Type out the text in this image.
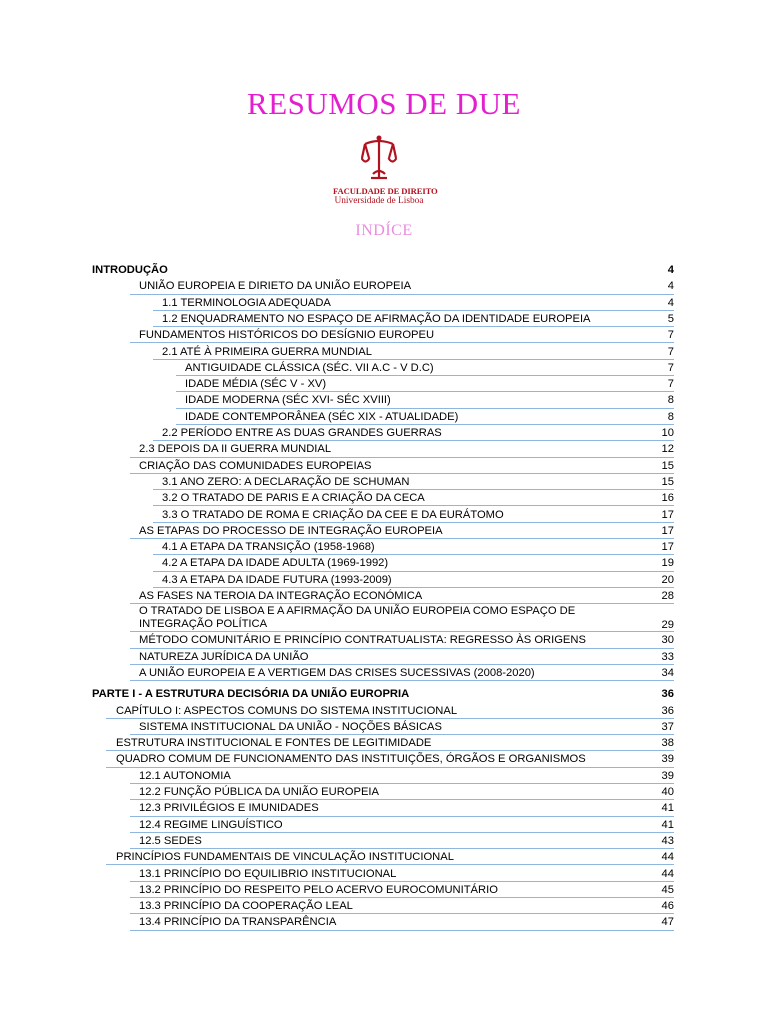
RESUMOS DE DUE
FACULDADE DE DIREITO
Universidade de Lisboa
INDÍCE
INTRODUÇÃO	4
UNIÃO EUROPEIA E DIRIETO DA UNIÃO EUROPEIA	4
1.1 TERMINOLOGIA ADEQUADA	4
1.2 ENQUADRAMENTO NO ESPAÇO DE AFIRMAÇÃO DA IDENTIDADE EUROPEIA	5
FUNDAMENTOS HISTÓRICOS DO DESÍGNIO EUROPEU	7
2.1 ATÉ À PRIMEIRA GUERRA MUNDIAL	7
ANTIGUIDADE CLÁSSICA (SÉC. VII A.C - V D.C)	7
IDADE MÉDIA (SÉC V - XV)	7
IDADE MODERNA (SÉC XVI- SÉC XVIII)	8
IDADE CONTEMPORÂNEA (SÉC XIX - ATUALIDADE)	8
2.2 PERÍODO ENTRE AS DUAS GRANDES GUERRAS	10
2.3 DEPOIS DA II GUERRA MUNDIAL	12
CRIAÇÃO DAS COMUNIDADES EUROPEIAS	15
3.1 ANO ZERO: A DECLARAÇÃO DE SCHUMAN	15
3.2 O TRATADO DE PARIS E A CRIAÇÃO DA CECA	16
3.3 O TRATADO DE ROMA E CRIAÇÃO DA CEE E DA EURÁTOMO	17
AS ETAPAS DO PROCESSO DE INTEGRAÇÃO EUROPEIA	17
4.1 A ETAPA DA TRANSIÇÃO (1958-1968)	17
4.2 A ETAPA DA IDADE ADULTA (1969-1992)	19
4.3 A ETAPA DA IDADE FUTURA (1993-2009)	20
AS FASES NA TEROIA DA INTEGRAÇÃO ECONÓMICA	28
O TRATADO DE LISBOA E A AFIRMAÇÃO DA UNIÃO EUROPEIA COMO ESPAÇO DE INTEGRAÇÃO POLÍTICA	29
MÉTODO COMUNITÁRIO E PRINCÍPIO CONTRATUALISTA: REGRESSO ÀS ORIGENS	30
NATUREZA JURÍDICA DA UNIÃO	33
A UNIÃO EUROPEIA E A VERTIGEM DAS CRISES SUCESSIVAS (2008-2020)	34
PARTE I - A ESTRUTURA DECISÓRIA DA UNIÃO EUROPRIA	36
CAPÍTULO I: ASPECTOS COMUNS DO SISTEMA INSTITUCIONAL	36
SISTEMA INSTITUCIONAL DA UNIÃO - NOÇÕES BÁSICAS	37
ESTRUTURA INSTITUCIONAL E FONTES DE LEGITIMIDADE	38
QUADRO COMUM DE FUNCIONAMENTO DAS INSTITUIÇÕES, ÓRGÃOS E ORGANISMOS	39
12.1 AUTONOMIA	39
12.2 FUNÇÃO PÚBLICA DA UNIÃO EUROPEIA	40
12.3 PRIVILÉGIOS E IMUNIDADES	41
12.4 REGIME LINGUÍSTICO	41
12.5 SEDES	43
PRINCÍPIOS FUNDAMENTAIS DE VINCULAÇÃO INSTITUCIONAL	44
13.1 PRINCÍPIO DO EQUILIBRIO INSTITUCIONAL	44
13.2 PRINCÍPIO DO RESPEITO PELO ACERVO EUROCOMUNITÁRIO	45
13.3 PRINCÍPIO DA COOPERAÇÃO LEAL	46
13.4 PRINCÍPIO DA TRANSPARÊNCIA	47
